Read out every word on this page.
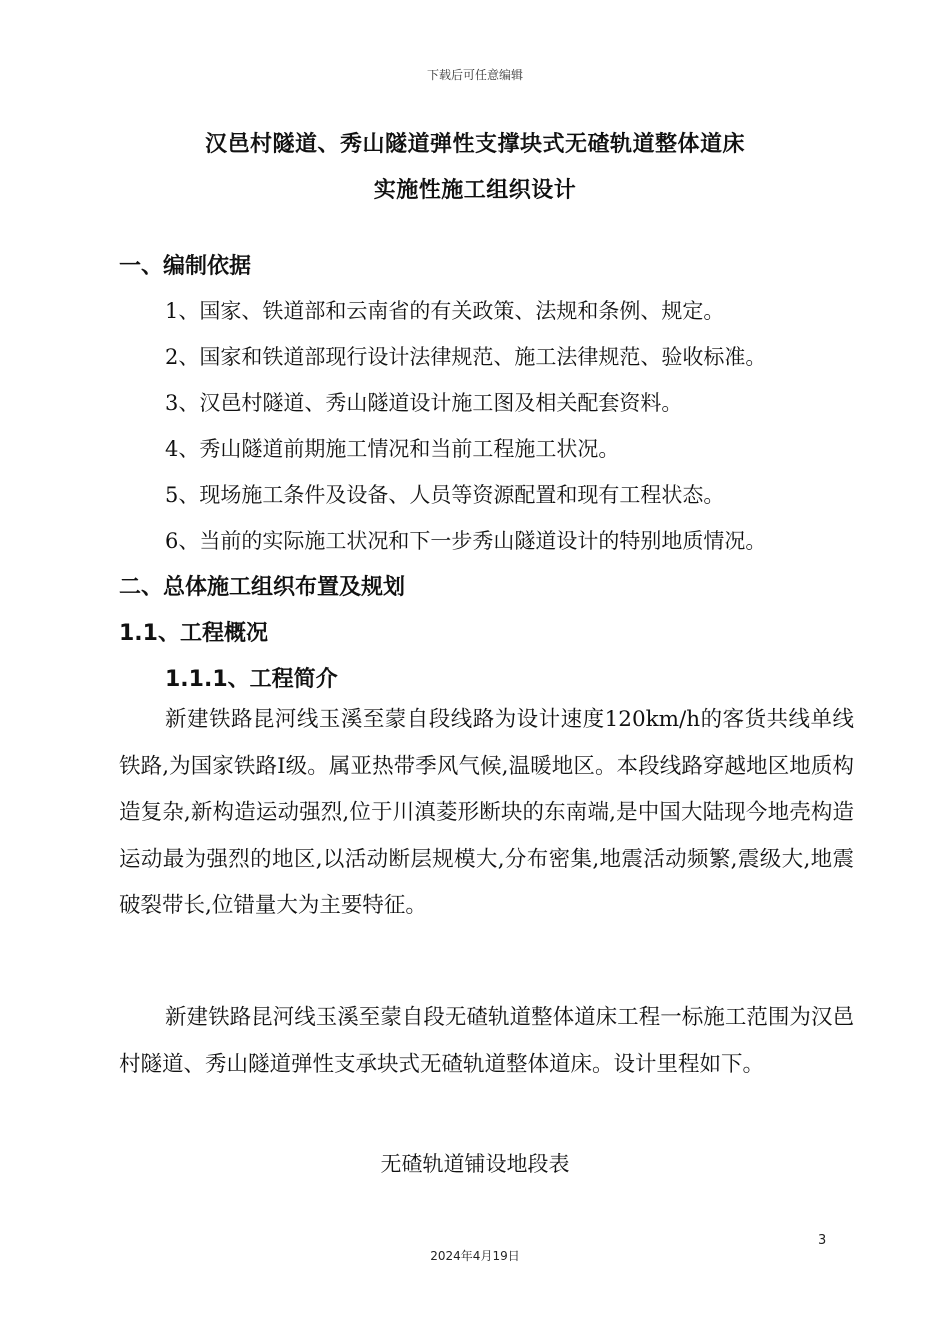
下载后可任意编辑
汉邑村隧道、秀山隧道弹性支撑块式无碴轨道整体道床
实施性施工组织设计
一、编制依据
1、国家、铁道部和云南省的有关政策、法规和条例、规定。
2、国家和铁道部现行设计法律规范、施工法律规范、验收标准。
3、汉邑村隧道、秀山隧道设计施工图及相关配套资料。
4、秀山隧道前期施工情况和当前工程施工状况。
5、现场施工条件及设备、人员等资源配置和现有工程状态。
6、当前的实际施工状况和下一步秀山隧道设计的特别地质情况。
二、总体施工组织布置及规划
1.1、工程概况
1.1.1、工程简介

新建铁路昆河线玉溪至蒙自段线路为设计速度120km/h的客货共线单线铁路,为国家铁路Ⅰ级。属亚热带季风气候,温暖地区。本段线路穿越地区地质构造复杂,新构造运动强烈,位于川滇菱形断块的东南端,是中国大陆现今地壳构造运动最为强烈的地区,以活动断层规模大,分布密集,地震活动频繁,震级大,地震破裂带长,位错量大为主要特征。

新建铁路昆河线玉溪至蒙自段无碴轨道整体道床工程一标施工范围为汉邑村隧道、秀山隧道弹性支承块式无碴轨道整体道床。设计里程如下。

无碴轨道铺设地段表
3
2024年4月19日
